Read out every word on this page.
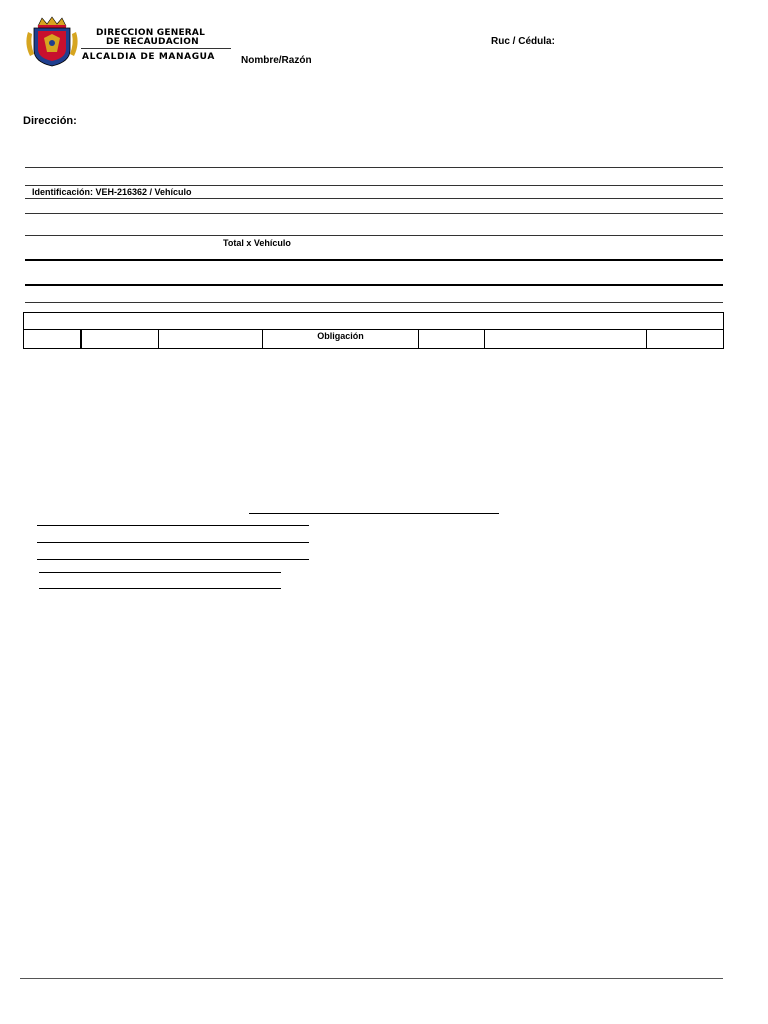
DIRECCION GENERAL
DE RECAUDACION
ALCALDIA DE MANAGUA	Nombre/Razón
Ruc / Cédula:
Dirección:
Identificación: VEH-216362 / Vehículo
Total x Vehículo
Obligación
